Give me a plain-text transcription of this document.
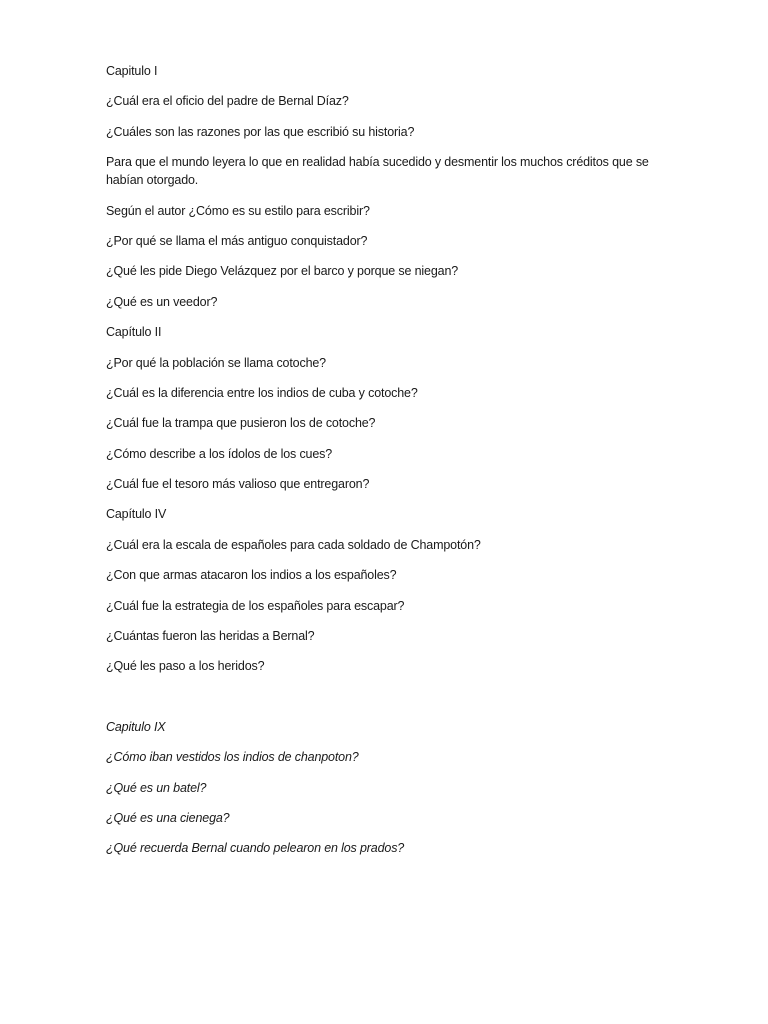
Capitulo I

¿Cuál era el oficio del padre de Bernal Díaz?

¿Cuáles son las razones por las que escribió su historia?

Para que el mundo leyera lo que en realidad había sucedido y desmentir los muchos créditos que se habían otorgado.

Según el autor ¿Cómo es su estilo para escribir?

¿Por qué se llama el más antiguo conquistador?

¿Qué les pide Diego Velázquez por el barco y porque se niegan?

¿Qué es un veedor?

Capítulo II

¿Por qué la población se llama cotoche?

¿Cuál es la diferencia entre los indios de cuba y cotoche?

¿Cuál fue la trampa que pusieron los de cotoche?

¿Cómo describe a los ídolos de los cues?

¿Cuál fue el tesoro más valioso que entregaron?

Capítulo IV

¿Cuál era la escala de españoles para cada soldado de Champotón?

¿Con que armas atacaron los indios a los españoles?

¿Cuál fue la estrategia de los españoles para escapar?

¿Cuántas fueron las heridas a Bernal?

¿Qué les paso a los heridos?

Capitulo IX

¿Cómo iban vestidos los indios de chanpoton?

¿Qué es un batel?

¿Qué es una cienega?

¿Qué recuerda Bernal cuando pelearon en los prados?
